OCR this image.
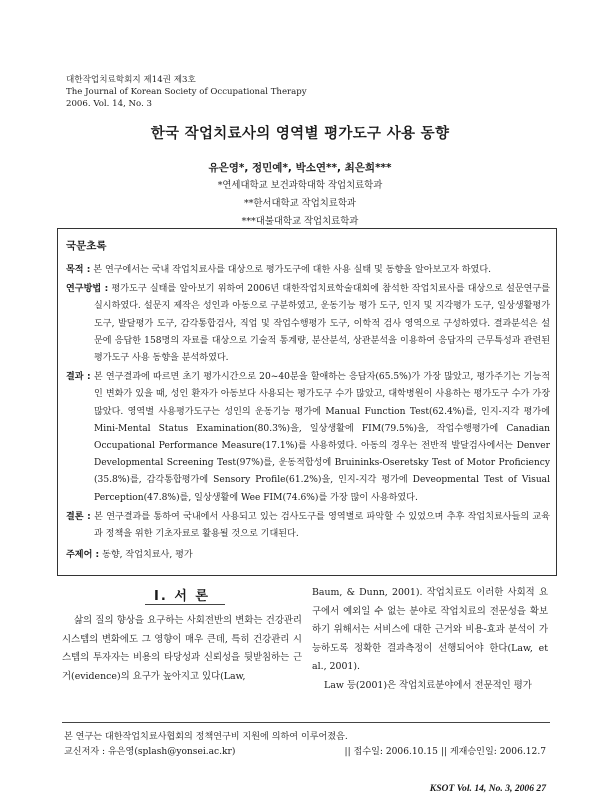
대한작업치료학회지 제14권 제3호
The Journal of Korean Society of Occupational Therapy
2006. Vol. 14, No. 3
한국 작업치료사의 영역별 평가도구 사용 동향
유은영*, 정민예*, 박소연**, 최은희***
*연세대학교 보건과학대학 작업치료학과
**한서대학교 작업치료학과
***대불대학교 작업치료학과
국문초록

목적 : 본 연구에서는 국내 작업치료사를 대상으로 평가도구에 대한 사용 실태 및 동향을 알아보고자 하였다.

연구방법 : 평가도구 실태를 알아보기 위하여 2006년 대한작업치료학술대회에 참석한 작업치료사를 대상으로 설문연구를 실시하였다. 설문지 제작은 성인과 아동으로 구분하였고, 운동기능 평가 도구, 인지 및 지각평가 도구, 일상생활평가 도구, 발달평가 도구, 감각통합검사, 직업 및 작업수행평가 도구, 이학적 검사 영역으로 구성하였다. 결과분석은 설문에 응답한 158명의 자료를 대상으로 기술적 통계량, 분산분석, 상관분석을 이용하여 응답자의 근무특성과 관련된 평가도구 사용 동향을 분석하였다.

결과 : 본 연구결과에 따르면 초기 평가시간으로 20~40분을 할애하는 응답자(65.5%)가 가장 많았고, 평가주기는 기능적인 변화가 있을 때, 성인 환자가 아동보다 사용되는 평가도구 수가 많았고, 대학병원이 사용하는 평가도구 수가 가장 많았다. 영역별 사용평가도구는 성인의 운동기능 평가에 Manual Function Test(62.4%)를, 인지-지각 평가에 Mini-Mental Status Examination(80.3%)을, 일상생활에 FIM(79.5%)을, 작업수행평가에 Canadian Occupational Performance Measure(17.1%)를 사용하였다. 아동의 경우는 전반적 발달검사에서는 Denver Developmental Screening Test(97%)를, 운동적합성에 Bruininks-Oseretsky Test of Motor Proficiency (35.8%)를, 감각통합평가에 Sensory Profile(61.2%)을, 인지-지각 평가에 Deveopmental Test of Visual Perception(47.8%)를, 일상생활에 Wee FIM(74.6%)를 가장 많이 사용하였다.

결론 : 본 연구결과를 통하여 국내에서 사용되고 있는 검사도구를 영역별로 파악할 수 있었으며 추후 작업치료사들의 교육과 정책을 위한 기초자료로 활용될 것으로 기대된다.

주제어 : 동향, 작업치료사, 평가
Ⅰ. 서 론
삶의 질의 향상을 요구하는 사회전반의 변화는 건강관리 시스템의 변화에도 그 영향이 매우 큰데, 특히 건강관리 시스템의 투자자는 비용의 타당성과 신뢰성을 뒷받침하는 근거(evidence)의 요구가 높아지고 있다(Law,
Baum, & Dunn, 2001). 작업치료도 이러한 사회적 요구에서 예외일 수 없는 분야로 작업치료의 전문성을 확보하기 위해서는 서비스에 대한 근거와 비용-효과 분석이 가능하도록 정확한 결과측정이 선행되어야 한다(Law, et al., 2001).
Law 등(2001)은 작업치료분야에서 전문적인 평가
본 연구는 대한작업치료사협회의 정책연구비 지원에 의하여 이루어졌음.
교신저자 : 유은영(splash@yonsei.ac.kr)	|| 접수일: 2006.10.15 || 게재승인일: 2006.12.7
KSOT Vol. 14, No. 3, 2006 27
